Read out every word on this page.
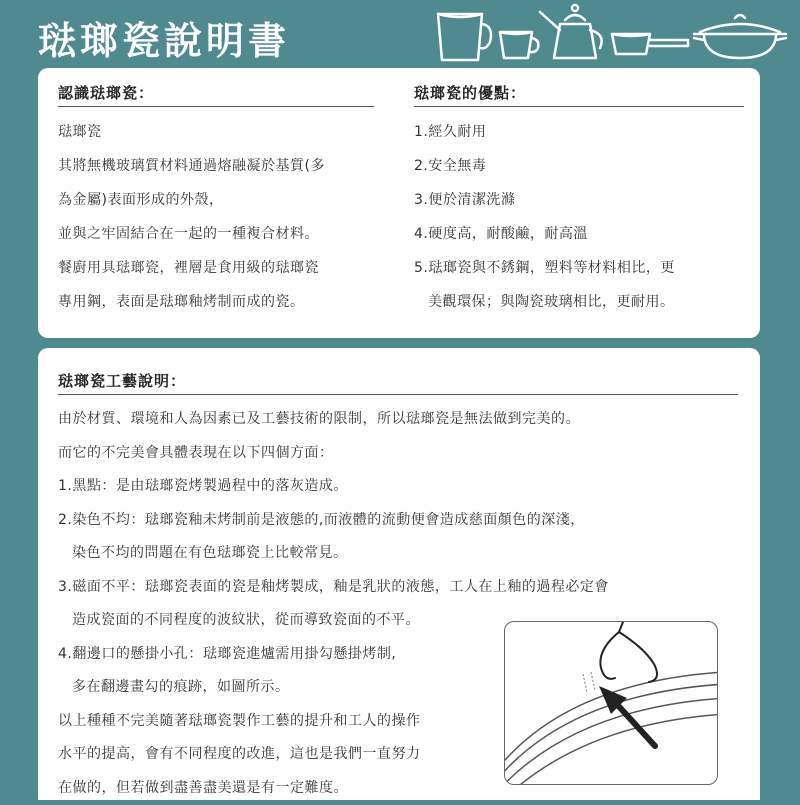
琺瑯瓷說明書
認識琺瑯瓷：
琺瑯瓷
其將無機玻璃質材料通過熔融凝於基質(多
為金屬)表面形成的外殼，
並與之牢固結合在一起的一種複合材料。
餐廚用具琺瑯瓷，裡層是食用級的琺瑯瓷
專用鋼，表面是琺瑯釉烤制而成的瓷。
琺瑯瓷的優點：
1.經久耐用
2.安全無毒
3.便於清潔洗滌
4.硬度高，耐酸鹼，耐高溫
5.琺瑯瓷與不銹鋼，塑料等材料相比，更
美觀環保；與陶瓷玻璃相比，更耐用。
琺瑯瓷工藝說明：
由於材質、環境和人為因素已及工藝技術的限制，所以琺瑯瓷是無法做到完美的。
而它的不完美會具體表現在以下四個方面：
1.黑點：是由琺瑯瓷烤製過程中的落灰造成。
2.染色不均：琺瑯瓷釉未烤制前是液態的,而液體的流動便會造成慈面顏色的深淺，
染色不均的問題在有色琺瑯瓷上比較常見。
3.磁面不平：琺瑯瓷表面的瓷是釉烤製成，釉是乳狀的液態，工人在上釉的過程必定會
造成瓷面的不同程度的波紋狀，從而導致瓷面的不平。
4.翻邊口的懸掛小孔：琺瑯瓷進爐需用掛勾懸掛烤制,
多在翻邊畫勾的痕跡，如圖所示。
以上種種不完美隨著琺瑯瓷製作工藝的提升和工人的操作
水平的提高，會有不同程度的改進，這也是我們一直努力
在做的，但若做到盡善盡美還是有一定難度。
